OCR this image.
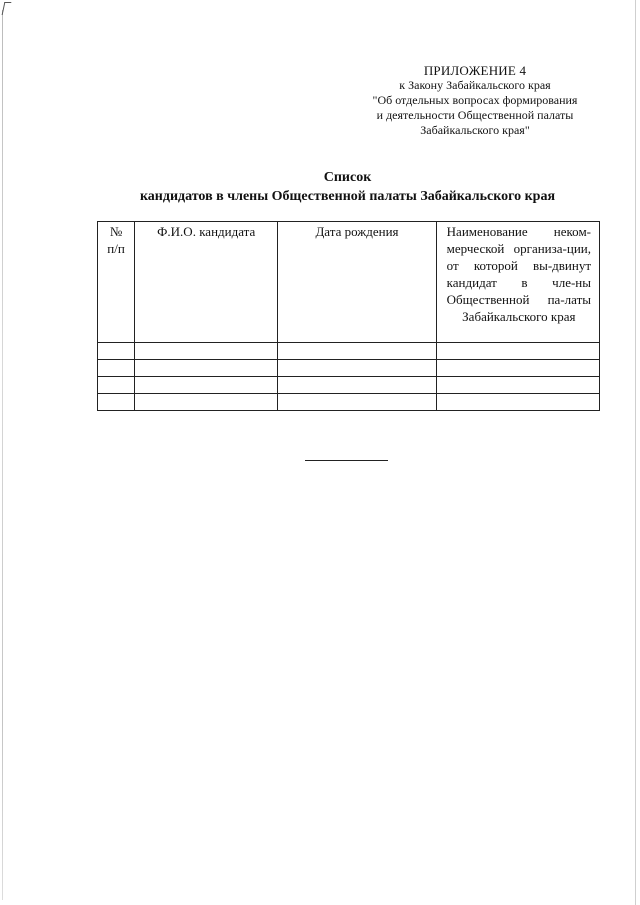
ПРИЛОЖЕНИЕ 4
к Закону Забайкальского края
"Об отдельных вопросах формирования
и деятельности Общественной палаты
Забайкальского края"
Список
кандидатов в члены Общественной палаты Забайкальского края
№
п/п	Ф.И.О. кандидата	Дата рождения	Наименование неком-мерческой организа-ции, от которой вы-двинут кандидат в чле-ны Общественной па-латы Забайкальского края
